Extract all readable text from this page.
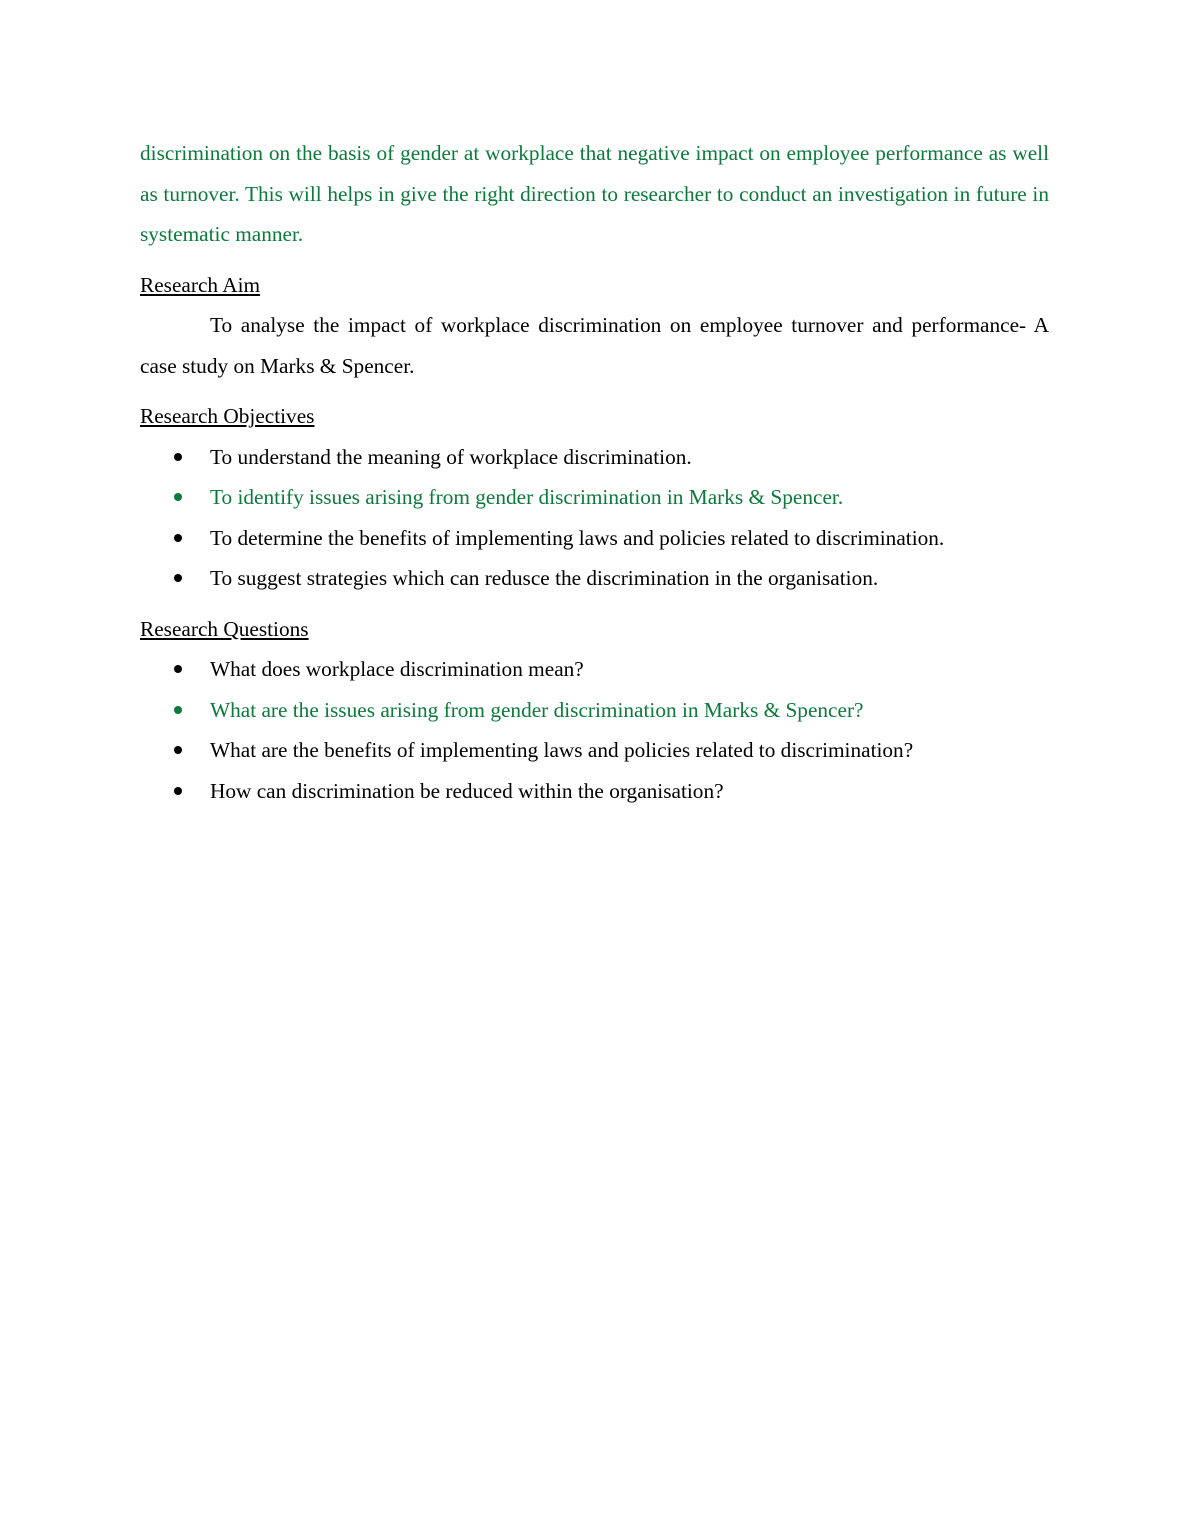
discrimination on the basis of gender at workplace that negative impact on employee performance as well as turnover. This will helps in give the right direction to researcher to conduct an investigation in future in systematic manner.

Research Aim

To analyse the impact of workplace discrimination on employee turnover and performance- A case study on Marks & Spencer.

Research Objectives
To understand the meaning of workplace discrimination.
To identify issues arising from gender discrimination in Marks & Spencer.
To determine the benefits of implementing laws and policies related to discrimination.
To suggest strategies which can redusce the discrimination in the organisation.
Research Questions
What does workplace discrimination mean?
What are the issues arising from gender discrimination in Marks & Spencer?
What are the benefits of implementing laws and policies related to discrimination?
How can discrimination be reduced within the organisation?
